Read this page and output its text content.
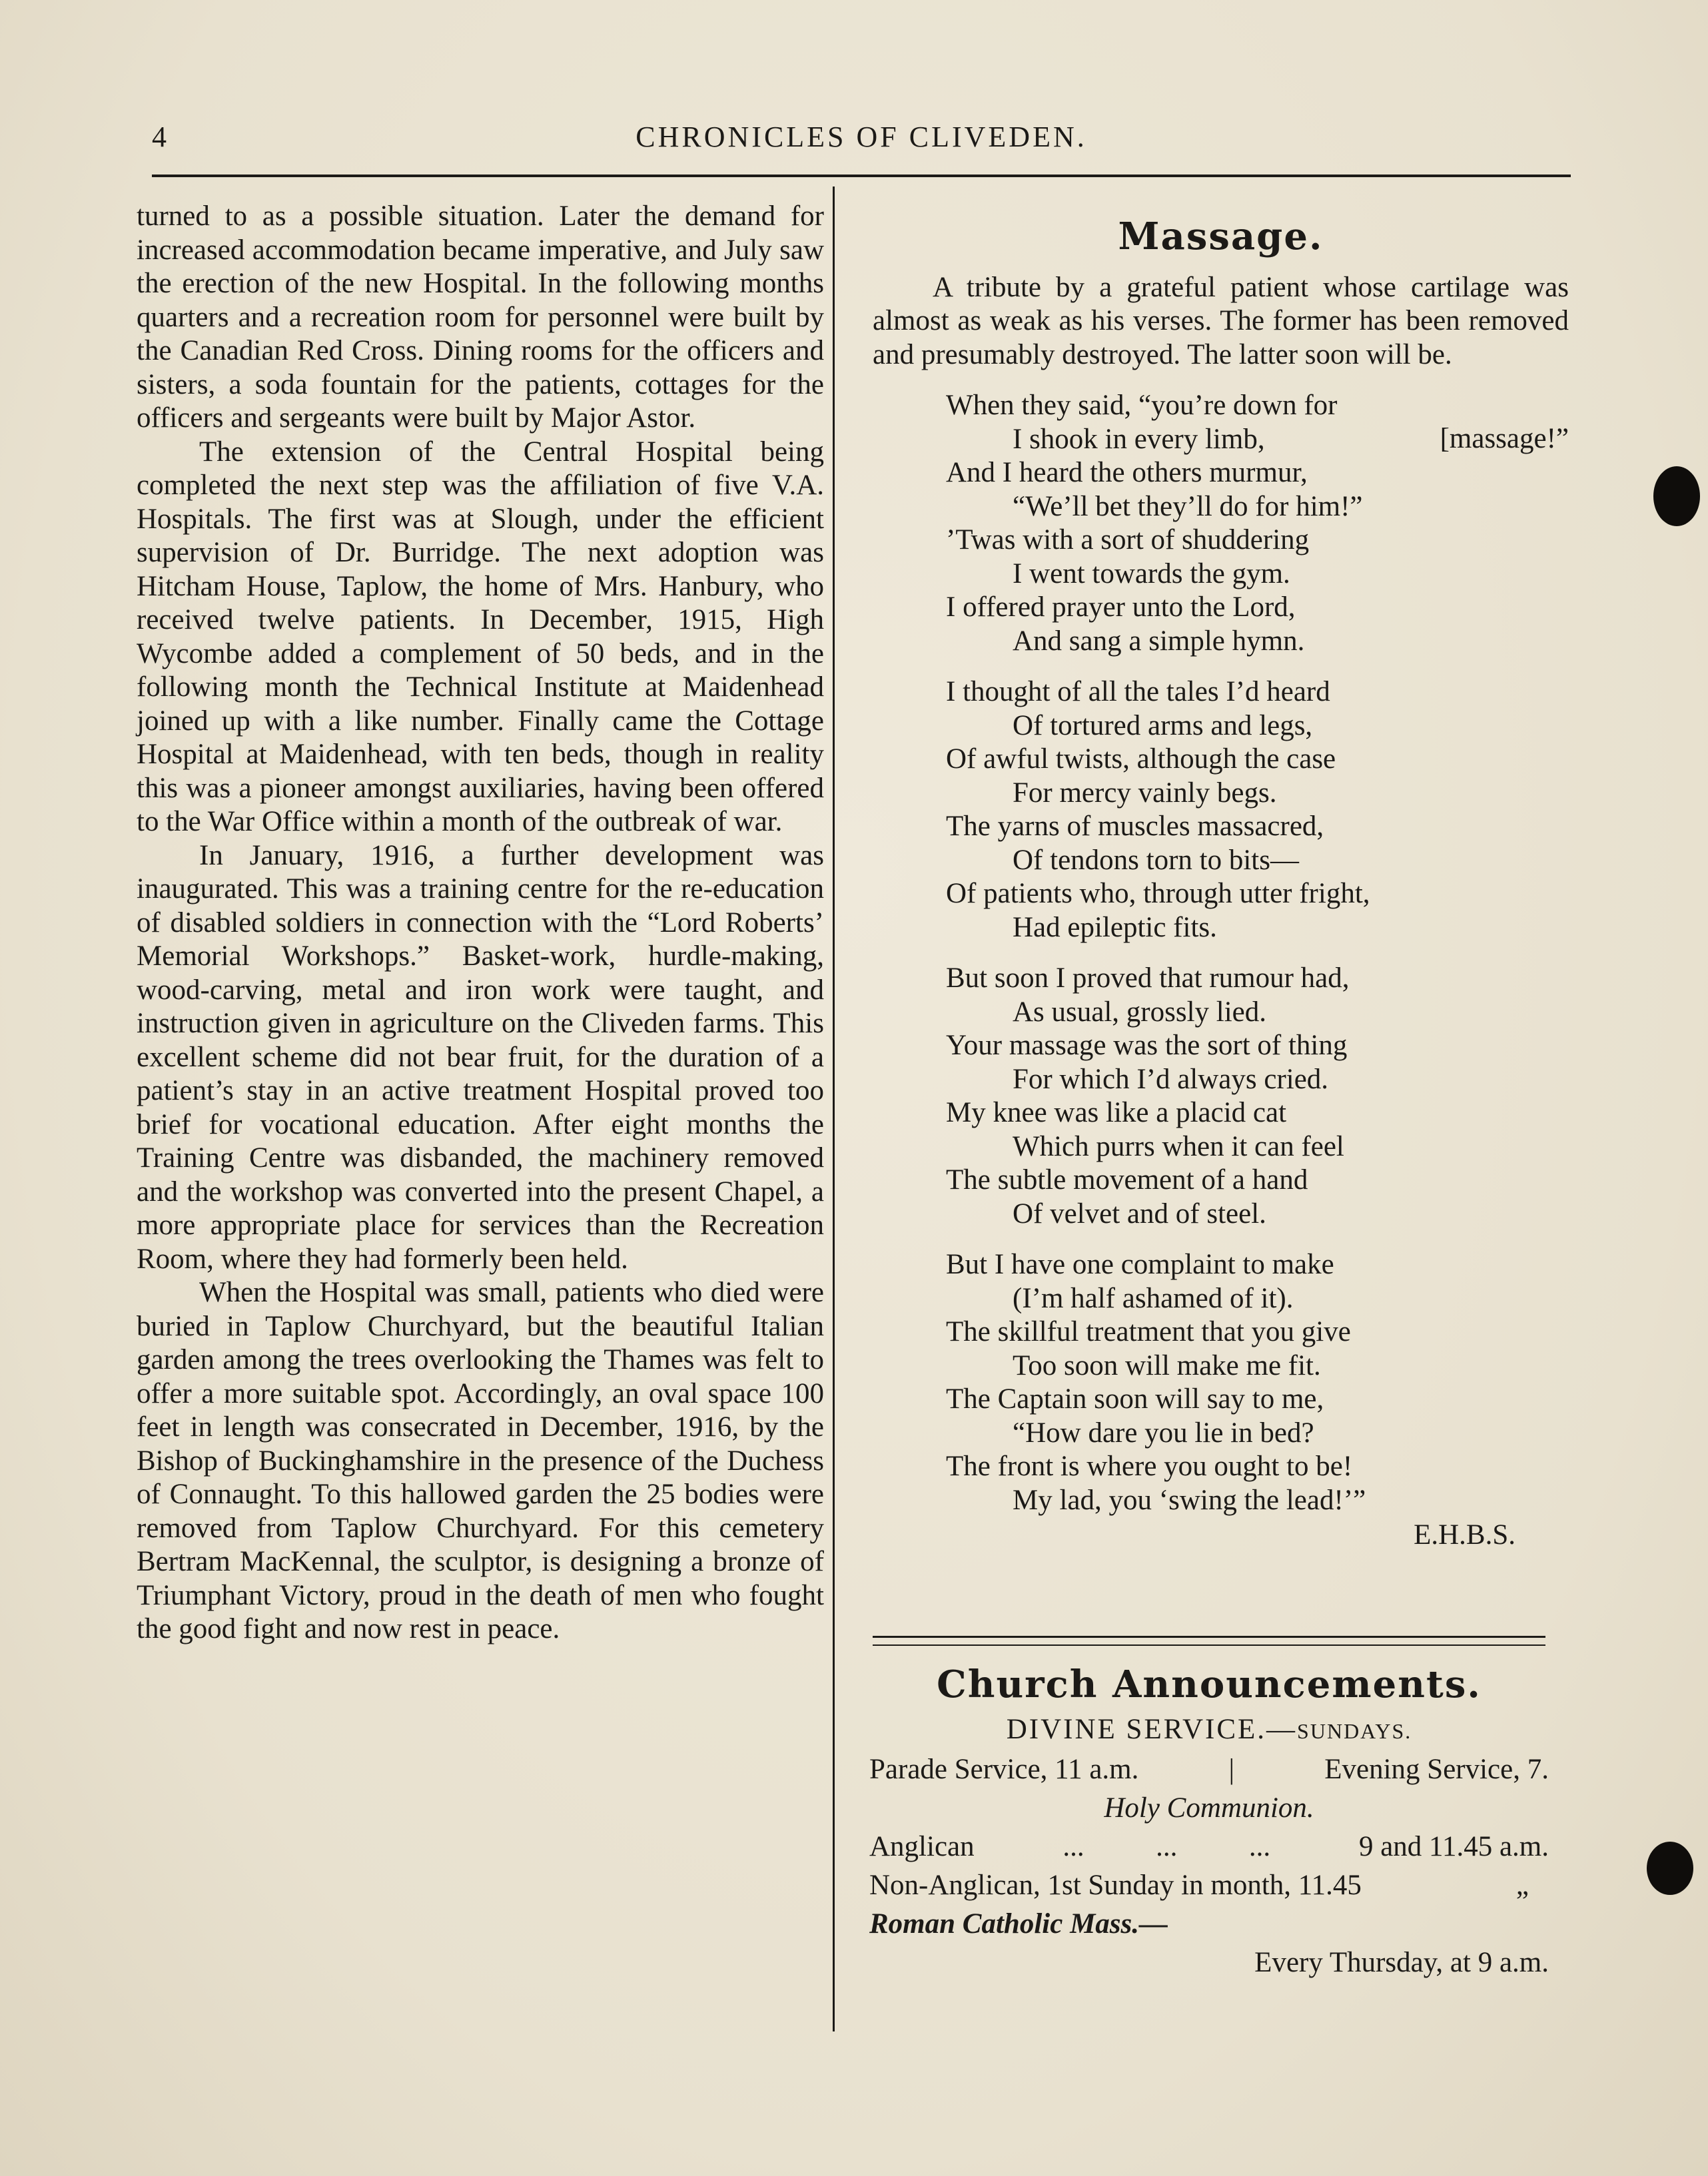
4	CHRONICLES OF CLIVEDEN.

turned to as a possible situation. Later the demand for increased accommodation became imperative, and July saw the erection of the new Hospital. In the following months quarters and a recreation room for personnel were built by the Canadian Red Cross. Dining rooms for the officers and sisters, a soda fountain for the patients, cottages for the officers and sergeants were built by Major Astor.

The extension of the Central Hospital being completed the next step was the affiliation of five V.A. Hospitals. The first was at Slough, under the efficient supervision of Dr. Burridge. The next adoption was Hitcham House, Taplow, the home of Mrs. Hanbury, who received twelve patients. In December, 1915, High Wycombe added a complement of 50 beds, and in the following month the Technical Institute at Maidenhead joined up with a like number. Finally came the Cottage Hospital at Maidenhead, with ten beds, though in reality this was a pioneer amongst auxiliaries, having been offered to the War Office within a month of the outbreak of war.

In January, 1916, a further development was inaugurated. This was a training centre for the re-education of disabled soldiers in connection with the “Lord Roberts’ Memorial Workshops.” Basket-work, hurdle-making, wood-carving, metal and iron work were taught, and instruction given in agriculture on the Cliveden farms. This excellent scheme did not bear fruit, for the duration of a patient’s stay in an active treatment Hospital proved too brief for vocational education. After eight months the Training Centre was disbanded, the machinery removed and the workshop was converted into the present Chapel, a more appropriate place for services than the Recreation Room, where they had formerly been held.

When the Hospital was small, patients who died were buried in Taplow Churchyard, but the beautiful Italian garden among the trees overlooking the Thames was felt to offer a more suitable spot. Accordingly, an oval space 100 feet in length was consecrated in December, 1916, by the Bishop of Buckinghamshire in the presence of the Duchess of Connaught. To this hallowed garden the 25 bodies were removed from Taplow Churchyard. For this cemetery Bertram MacKennal, the sculptor, is designing a bronze of Triumphant Victory, proud in the death of men who fought the good fight and now rest in peace.

Massage.
A tribute by a grateful patient whose cartilage was almost as weak as his verses. The former has been removed and presumably destroyed. The latter soon will be.
[massage!”
When they said, “you’re down for
I shook in every limb,
And I heard the others murmur,
“We’ll bet they’ll do for him!”
’Twas with a sort of shuddering
I went towards the gym.
I offered prayer unto the Lord,
And sang a simple hymn.
I thought of all the tales I’d heard
Of tortured arms and legs,
Of awful twists, although the case
For mercy vainly begs.
The yarns of muscles massacred,
Of tendons torn to bits—
Of patients who, through utter fright,
Had epileptic fits.
But soon I proved that rumour had,
As usual, grossly lied.
Your massage was the sort of thing
For which I’d always cried.
My knee was like a placid cat
Which purrs when it can feel
The subtle movement of a hand
Of velvet and of steel.
But I have one complaint to make
(I’m half ashamed of it).
The skillful treatment that you give
Too soon will make me fit.
The Captain soon will say to me,
“How dare you lie in bed?
The front is where you ought to be!
My lad, you ‘swing the lead!’”
E.H.B.S.
Church Announcements.
DIVINE SERVICE.—SUNDAYS.
Parade Service, 11 a.m.	|	Evening Service, 7.
Holy Communion.
Anglican	...          ...          ...	9 and 11.45 a.m.
Non-Anglican, 1st Sunday in month, 11.45	„
Roman Catholic Mass.—
Every Thursday, at 9 a.m.
